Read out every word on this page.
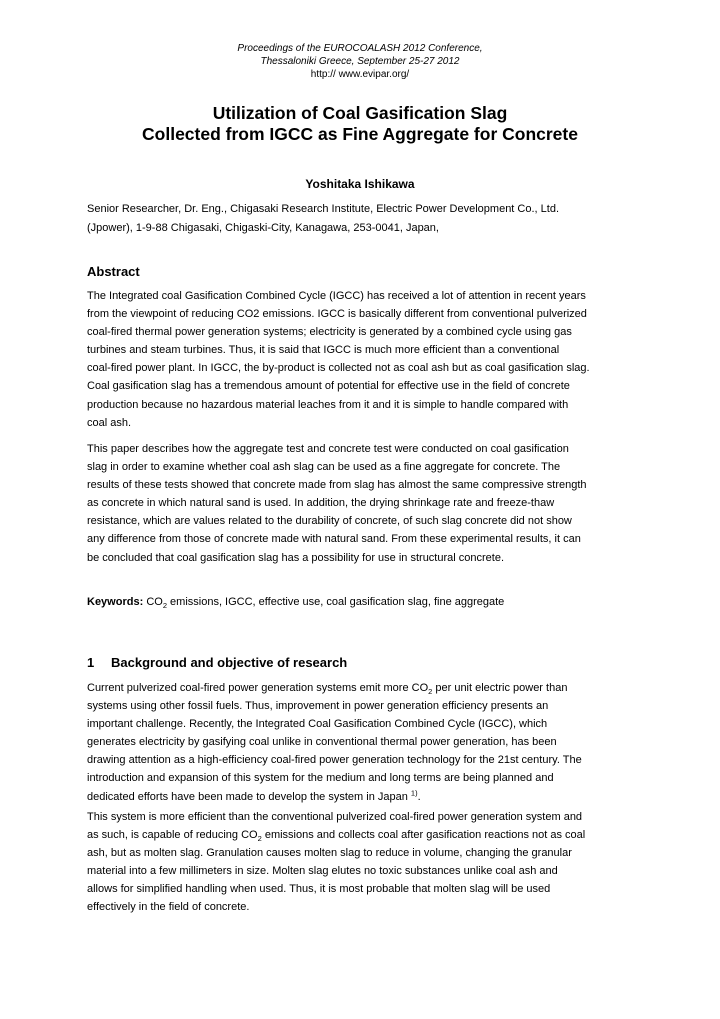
Proceedings of the EUROCOALASH 2012 Conference,
Thessaloniki Greece, September 25-27 2012
http:// www.evipar.org/
Utilization of Coal Gasification Slag
Collected from IGCC as Fine Aggregate for Concrete
Yoshitaka Ishikawa
Senior Researcher, Dr. Eng., Chigasaki Research Institute, Electric Power Development Co., Ltd.
(Jpower), 1-9-88 Chigasaki, Chigaski-City, Kanagawa, 253-0041, Japan,
Abstract
The Integrated coal Gasification Combined Cycle (IGCC) has received a lot of attention in recent years
from the viewpoint of reducing CO2 emissions. IGCC is basically different from conventional pulverized
coal-fired thermal power generation systems; electricity is generated by a combined cycle using gas
turbines and steam turbines. Thus, it is said that IGCC is much more efficient than a conventional
coal-fired power plant. In IGCC, the by-product is collected not as coal ash but as coal gasification slag.
Coal gasification slag has a tremendous amount of potential for effective use in the field of concrete
production because no hazardous material leaches from it and it is simple to handle compared with
coal ash.
This paper describes how the aggregate test and concrete test were conducted on coal gasification
slag in order to examine whether coal ash slag can be used as a fine aggregate for concrete. The
results of these tests showed that concrete made from slag has almost the same compressive strength
as concrete in which natural sand is used. In addition, the drying shrinkage rate and freeze-thaw
resistance, which are values related to the durability of concrete, of such slag concrete did not show
any difference from those of concrete made with natural sand. From these experimental results, it can
be concluded that coal gasification slag has a possibility for use in structural concrete.
Keywords: $CO_2$ emissions, IGCC, effective use, coal gasification slag, fine aggregate
1 Background and objective of research
Current pulverized coal-fired power generation systems emit more $CO_2$ per unit electric power than
systems using other fossil fuels. Thus, improvement in power generation efficiency presents an
important challenge. Recently, the Integrated Coal Gasification Combined Cycle (IGCC), which
generates electricity by gasifying coal unlike in conventional thermal power generation, has been
drawing attention as a high-efficiency coal-fired power generation technology for the 21st century. The
introduction and expansion of this system for the medium and long terms are being planned and
dedicated efforts have been made to develop the system in Japan $^{1)}$.
This system is more efficient than the conventional pulverized coal-fired power generation system and
as such, is capable of reducing $CO_2$ emissions and collects coal after gasification reactions not as coal
ash, but as molten slag. Granulation causes molten slag to reduce in volume, changing the granular
material into a few millimeters in size. Molten slag elutes no toxic substances unlike coal ash and
allows for simplified handling when used. Thus, it is most probable that molten slag will be used
effectively in the field of concrete.
